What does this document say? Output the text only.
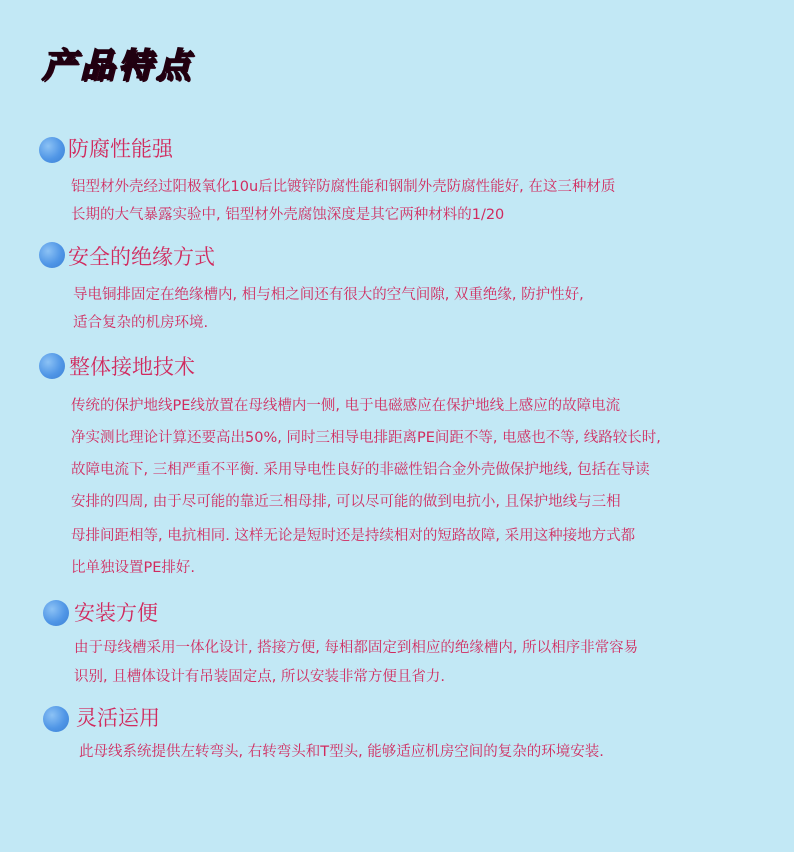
产品特点
防腐性能强
铝型材外壳经过阳极氧化10u后比镀锌防腐性能和钢制外壳防腐性能好, 在这三种材质
长期的大气暴露实验中, 铝型材外壳腐蚀深度是其它两种材料的1/20
安全的绝缘方式
导电铜排固定在绝缘槽内, 相与相之间还有很大的空气间隙, 双重绝缘, 防护性好,
适合复杂的机房环境.
整体接地技术
传统的保护地线PE线放置在母线槽内一侧, 电于电磁感应在保护地线上感应的故障电流
净实测比理论计算还要高出50%, 同时三相导电排距离PE间距不等, 电感也不等, 线路较长时,
故障电流下, 三相严重不平衡. 采用导电性良好的非磁性铝合金外壳做保护地线, 包括在导读
安排的四周, 由于尽可能的靠近三相母排, 可以尽可能的做到电抗小, 且保护地线与三相
母排间距相等, 电抗相同. 这样无论是短时还是持续相对的短路故障, 采用这种接地方式都
比单独设置PE排好.
安装方便
由于母线槽采用一体化设计, 搭接方便, 每相都固定到相应的绝缘槽内, 所以相序非常容易
识别, 且槽体设计有吊装固定点, 所以安装非常方便且省力.
灵活运用
此母线系统提供左转弯头, 右转弯头和T型头, 能够适应机房空间的复杂的环境安装.
